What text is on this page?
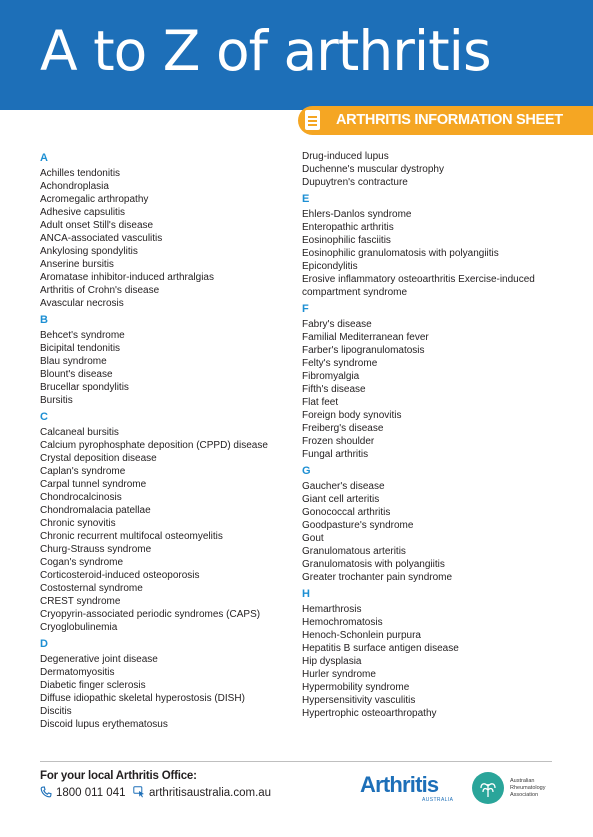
A to Z of arthritis
ARTHRITIS INFORMATION SHEET
A
Achilles tendonitis
Achondroplasia
Acromegalic arthropathy
Adhesive capsulitis
Adult onset Still's disease
ANCA-associated vasculitis
Ankylosing spondylitis
Anserine bursitis
Aromatase inhibitor-induced arthralgias
Arthritis of Crohn's disease
Avascular necrosis
B
Behcet's syndrome
Bicipital tendonitis
Blau syndrome
Blount's disease
Brucellar spondylitis
Bursitis
C
Calcaneal bursitis
Calcium pyrophosphate deposition (CPPD) disease
Crystal deposition disease
Caplan's syndrome
Carpal tunnel syndrome
Chondrocalcinosis
Chondromalacia patellae
Chronic synovitis
Chronic recurrent multifocal osteomyelitis
Churg-Strauss syndrome
Cogan's syndrome
Corticosteroid-induced osteoporosis
Costosternal syndrome
CREST syndrome
Cryopyrin-associated periodic syndromes (CAPS)
Cryoglobulinemia
D
Degenerative joint disease
Dermatomyositis
Diabetic finger sclerosis
Diffuse idiopathic skeletal hyperostosis (DISH)
Discitis
Discoid lupus erythematosus
Drug-induced lupus
Duchenne's muscular dystrophy
Dupuytren's contracture
E
Ehlers-Danlos syndrome
Enteropathic arthritis
Eosinophilic fasciitis
Eosinophilic granulomatosis with polyangiitis
Epicondylitis
Erosive inflammatory osteoarthritis Exercise-induced compartment syndrome
F
Fabry's disease
Familial Mediterranean fever
Farber's lipogranulomatosis
Felty's syndrome
Fibromyalgia
Fifth's disease
Flat feet
Foreign body synovitis
Freiberg's disease
Frozen shoulder
Fungal arthritis
G
Gaucher's disease
Giant cell arteritis
Gonococcal arthritis
Goodpasture's syndrome
Gout
Granulomatous arteritis
Granulomatosis with polyangiitis
Greater trochanter pain syndrome
H
Hemarthrosis
Hemochromatosis
Henoch-Schonlein purpura
Hepatitis B surface antigen disease
Hip dysplasia
Hurler syndrome
Hypermobility syndrome
Hypersensitivity vasculitis
Hypertrophic osteoarthropathy
For your local Arthritis Office:
1800 011 041	arthritisaustralia.com.au	Arthritis
AUSTRALIA
Australian
Rheumatology
Association
